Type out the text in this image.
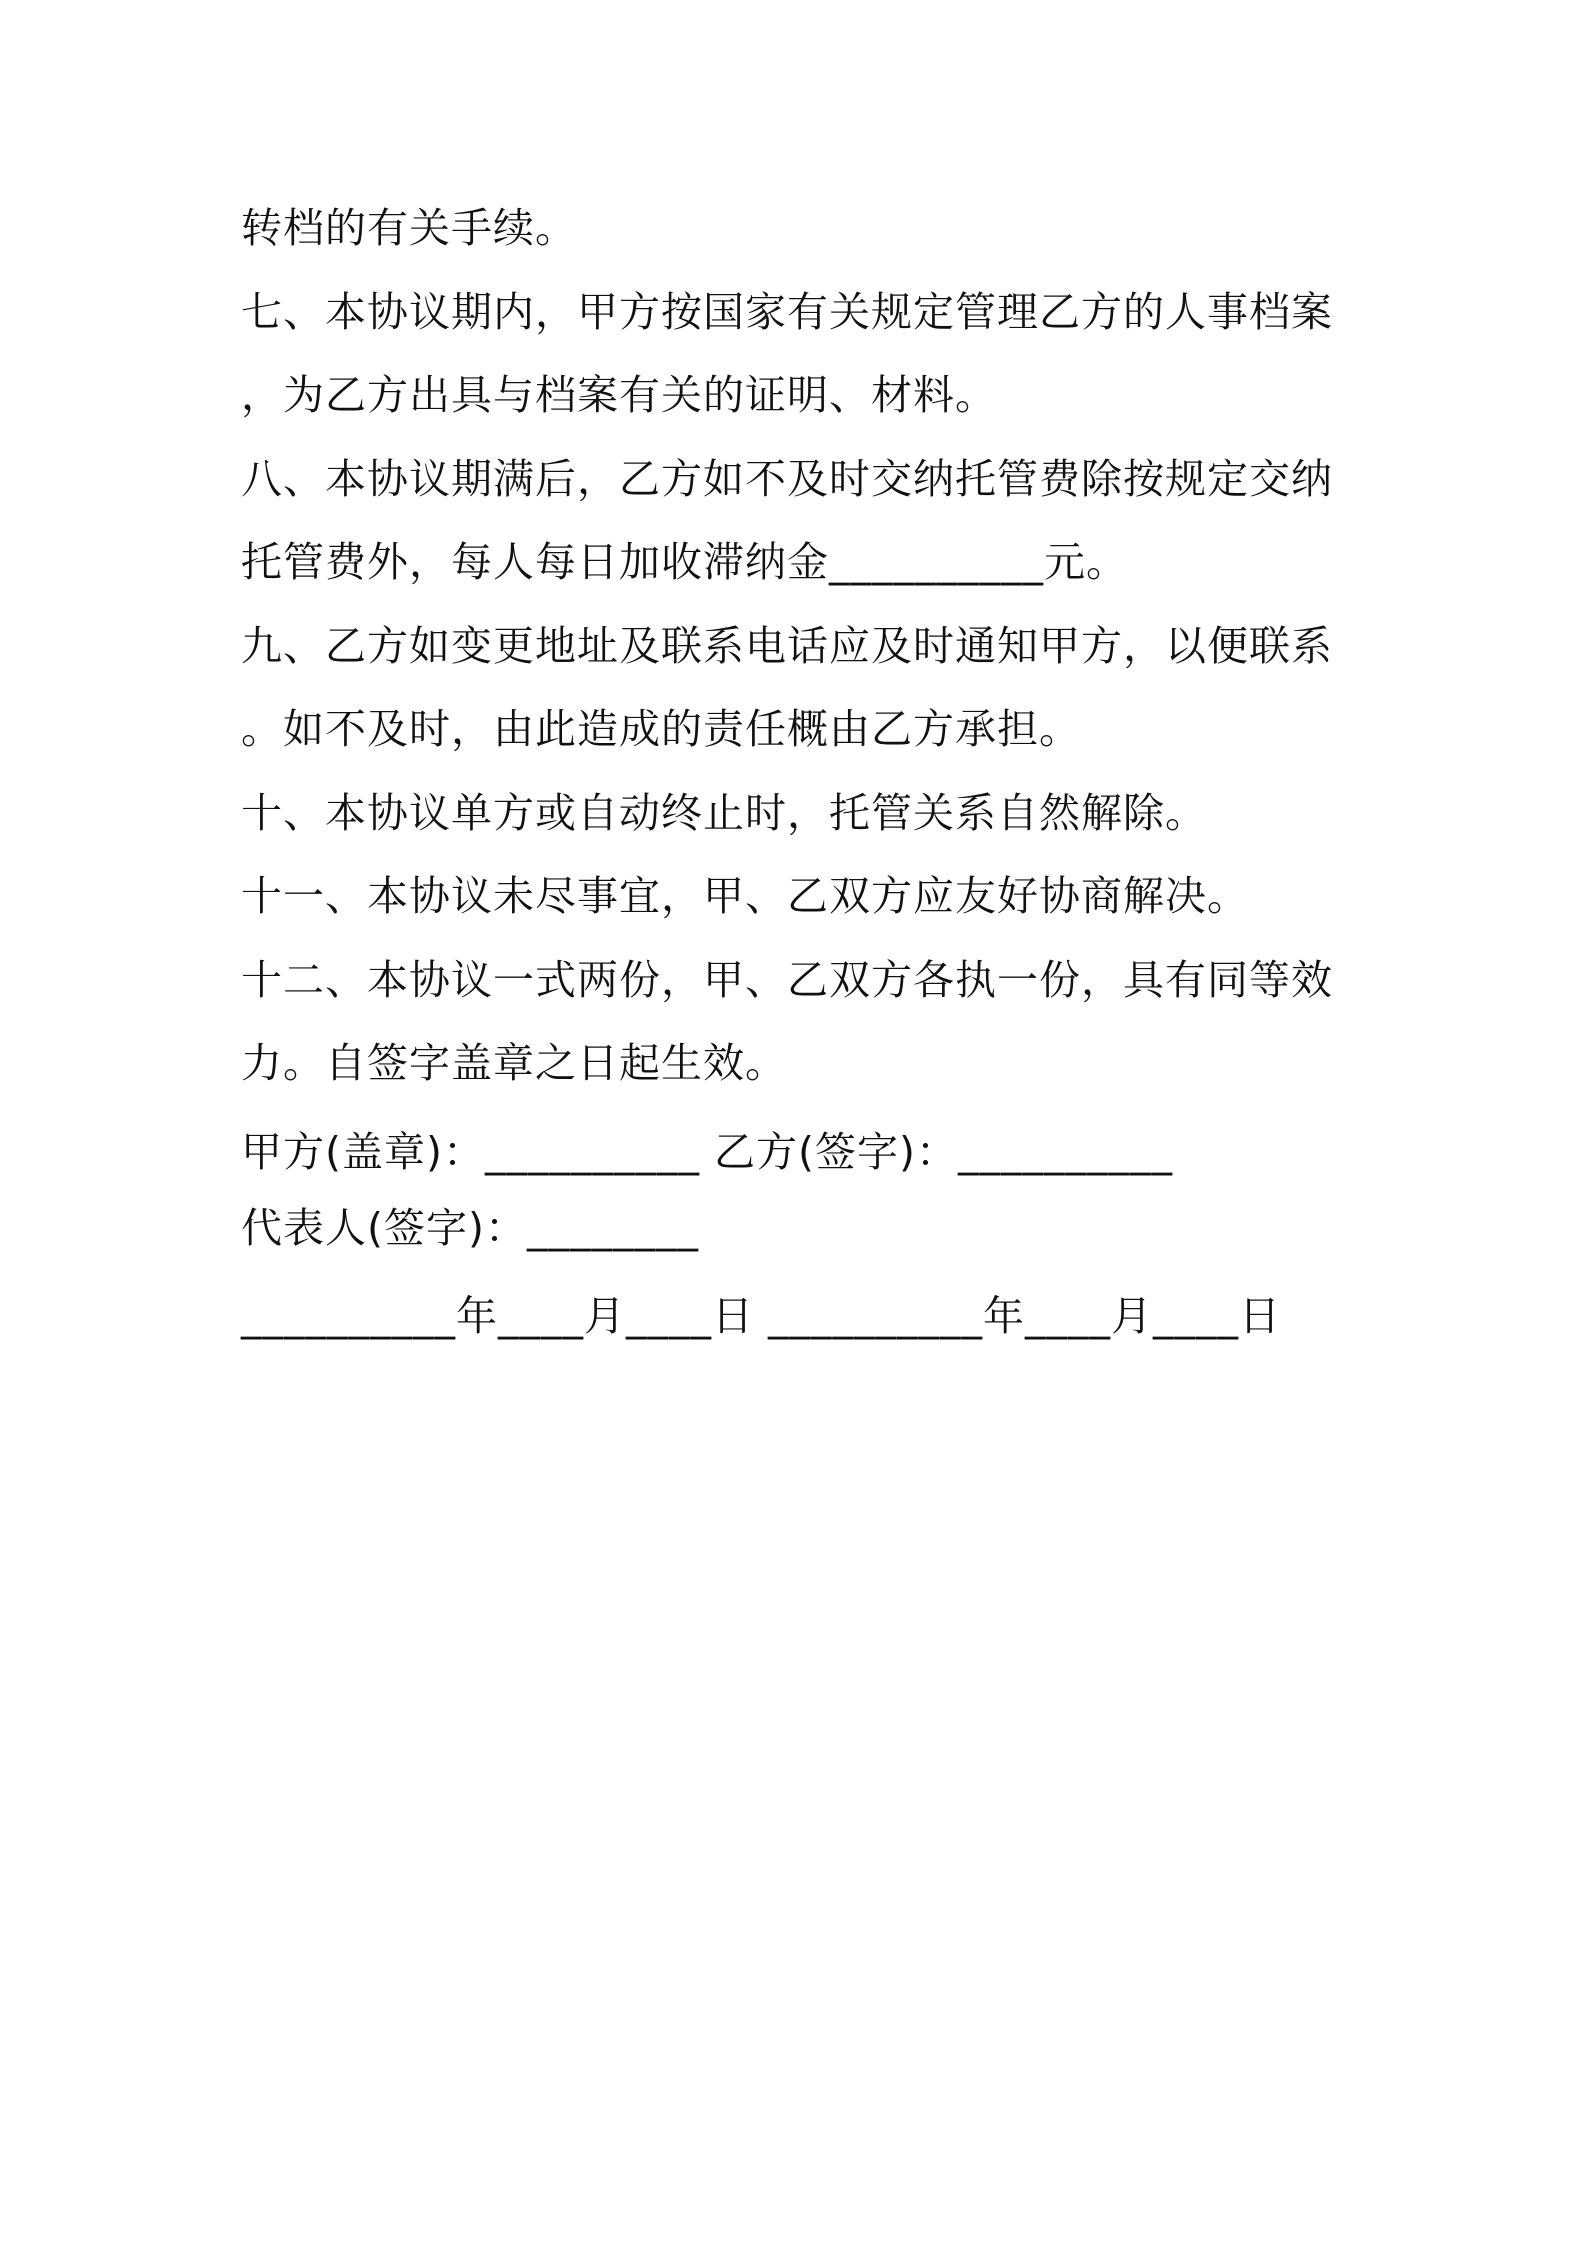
转档的有关手续。
七、本协议期内，甲方按国家有关规定管理乙方的人事档案
，为乙方出具与档案有关的证明、材料。
八、本协议期满后，乙方如不及时交纳托管费除按规定交纳
托管费外，每人每日加收滞纳金__________元。
九、乙方如变更地址及联系电话应及时通知甲方，以便联系
。如不及时，由此造成的责任概由乙方承担。
十、本协议单方或自动终止时，托管关系自然解除。
十一、本协议未尽事宜，甲、乙双方应友好协商解决。
十二、本协议一式两份，甲、乙双方各执一份，具有同等效
力。自签字盖章之日起生效。
甲方(盖章)：__________ 乙方(签字)：__________
代表人(签字)：________
__________年____月____日 __________年____月____日
